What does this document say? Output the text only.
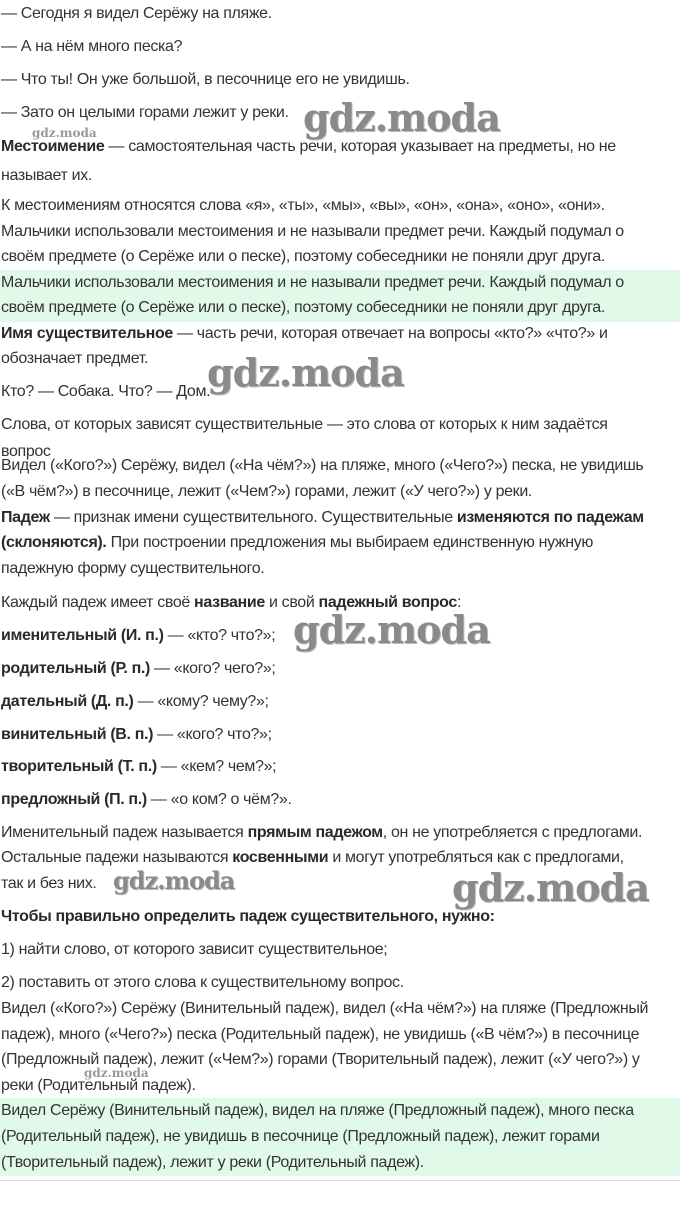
— Сегодня я видел Серёжу на пляже.
— А на нём много песка?
— Что ты! Он уже большой, в песочнице его не увидишь.
— Зато он целыми горами лежит у реки.
Местоимение — самостоятельная часть речи, которая указывает на предметы, но не
называет их.
К местоимениям относятся слова «я», «ты», «мы», «вы», «он», «она», «оно», «они».
Мальчики использовали местоимения и не называли предмет речи. Каждый подумал о
своём предмете (о Серёже или о песке), поэтому собеседники не поняли друг друга.
Мальчики использовали местоимения и не называли предмет речи. Каждый подумал о
своём предмете (о Серёже или о песке), поэтому собеседники не поняли друг друга.
Имя существительное — часть речи, которая отвечает на вопросы «кто?» «что?» и
обозначает предмет.
Кто? — Собака. Что? — Дом.
Слова, от которых зависят существительные — это слова от которых к ним задаётся
вопрос
Видел («Кого?») Серёжу, видел («На чём?») на пляже, много («Чего?») песка, не увидишь
(«В чём?») в песочнице, лежит («Чем?») горами, лежит («У чего?») у реки.
Падеж — признак имени существительного. Существительные изменяются по падежам
(склоняются). При построении предложения мы выбираем единственную нужную
падежную форму существительного.
Каждый падеж имеет своё название и свой падежный вопрос:
именительный (И. п.) — «кто? что?»;
родительный (Р. п.) — «кого? чего?»;
дательный (Д. п.) — «кому? чему?»;
винительный (В. п.) — «кого? что?»;
творительный (Т. п.) — «кем? чем?»;
предложный (П. п.) — «о ком? о чём?».
Именительный падеж называется прямым падежом, он не употребляется с предлогами.
Остальные падежи называются косвенными и могут употребляться как с предлогами,
так и без них.
Чтобы правильно определить падеж существительного, нужно:
1) найти слово, от которого зависит существительное;
2) поставить от этого слова к существительному вопрос.
Видел («Кого?») Серёжу (Винительный падеж), видел («На чём?») на пляже (Предложный
падеж), много («Чего?») песка (Родительный падеж), не увидишь («В чём?») в песочнице
(Предложный падеж), лежит («Чем?») горами (Творительный падеж), лежит («У чего?») у
реки (Родительный падеж).
Видел Серёжу (Винительный падеж), видел на пляже (Предложный падеж), много песка
(Родительный падеж), не увидишь в песочнице (Предложный падеж), лежит горами
(Творительный падеж), лежит у реки (Родительный падеж).
gdz.moda
gdz.moda
gdz.moda
gdz.moda
gdz.moda
gdz.moda
gdz.moda
